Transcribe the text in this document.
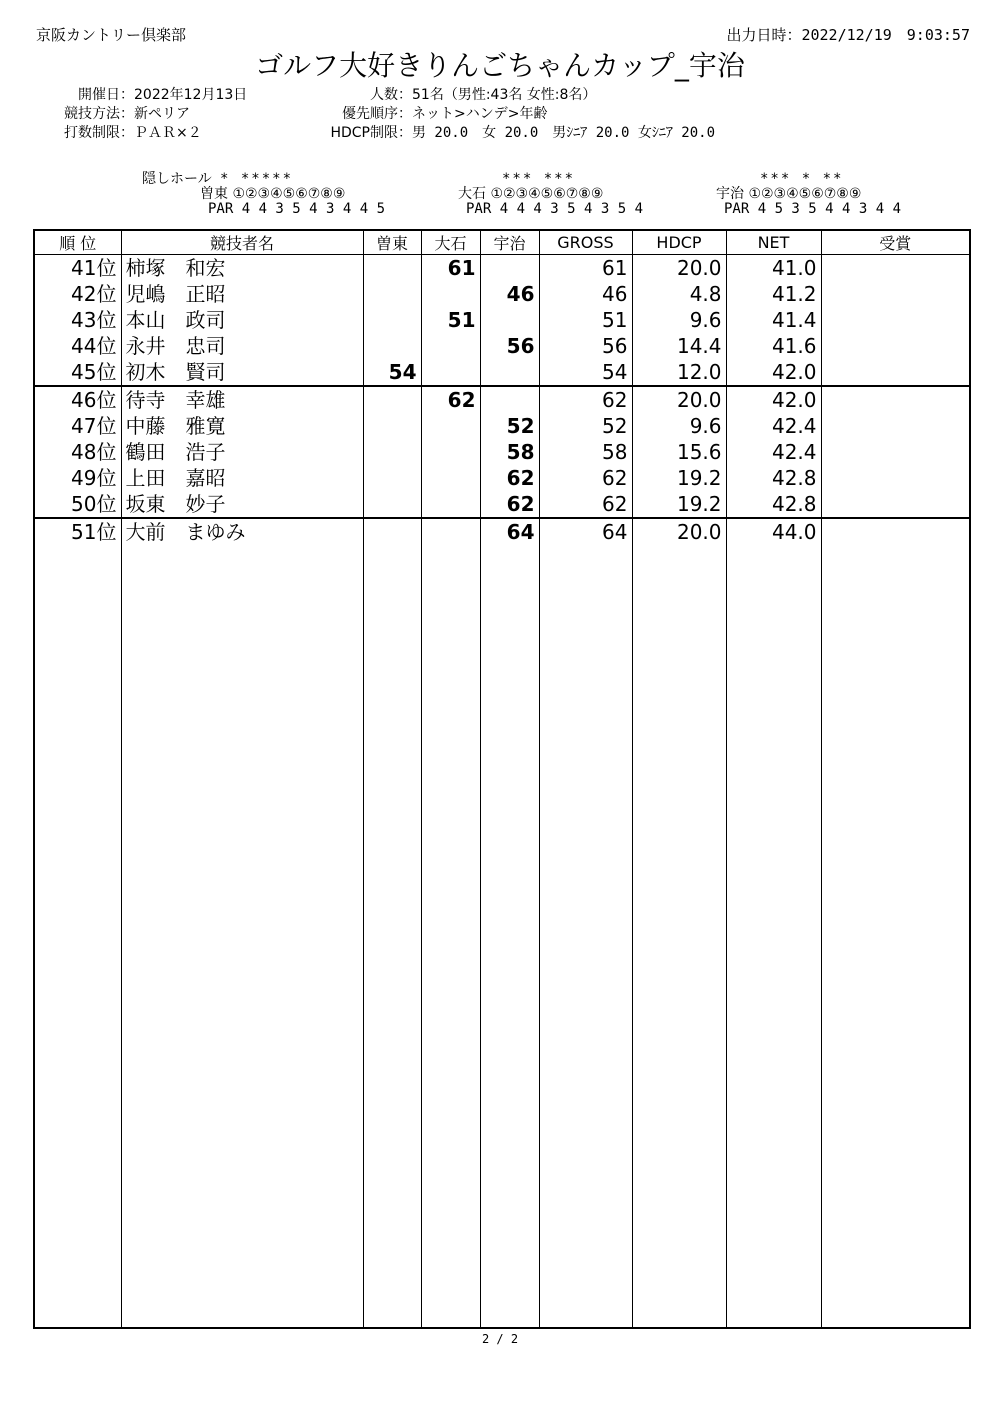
京阪カントリー倶楽部	出力日時：2022/12/19　9:03:57
ゴルフ大好きりんごちゃんカップ_宇治
開催日：2022年12月13日
競技方法：新ペリア
打数制限：ＰＡＲ×２
人数：51名（男性:43名 女性:8名）
優先順序：ネット>ハンデ>年齢
HDCP制限：男 20.0　女 20.0　男ｼﾆｱ 20.0 女ｼﾆｱ 20.0
隠しホール * *****
曽東 ①②③④⑤⑥⑦⑧⑨
PAR 4 4 3 5 4 3 4 4 5
*** ***
大石 ①②③④⑤⑥⑦⑧⑨
PAR 4 4 4 3 5 4 3 5 4
*** * **
宇治 ①②③④⑤⑥⑦⑧⑨
PAR 4 5 3 5 4 4 3 4 4
順 位	競技者名	曽東	大石	宇治	GROSS	HDCP	NET	受賞
41位	柿塚　和宏		61		61	20.0	41.0	
42位	児嶋　正昭			46	46	4.8	41.2	
43位	本山　政司		51		51	9.6	41.4	
44位	永井　忠司			56	56	14.4	41.6	
45位	初木　賢司	54			54	12.0	42.0	
46位	待寺　幸雄		62		62	20.0	42.0	
47位	中藤　雅寛			52	52	9.6	42.4	
48位	鶴田　浩子			58	58	15.6	42.4	
49位	上田　嘉昭			62	62	19.2	42.8	
50位	坂東　妙子			62	62	19.2	42.8	
51位	大前　まゆみ			64	64	20.0	44.0	

2 / 2
